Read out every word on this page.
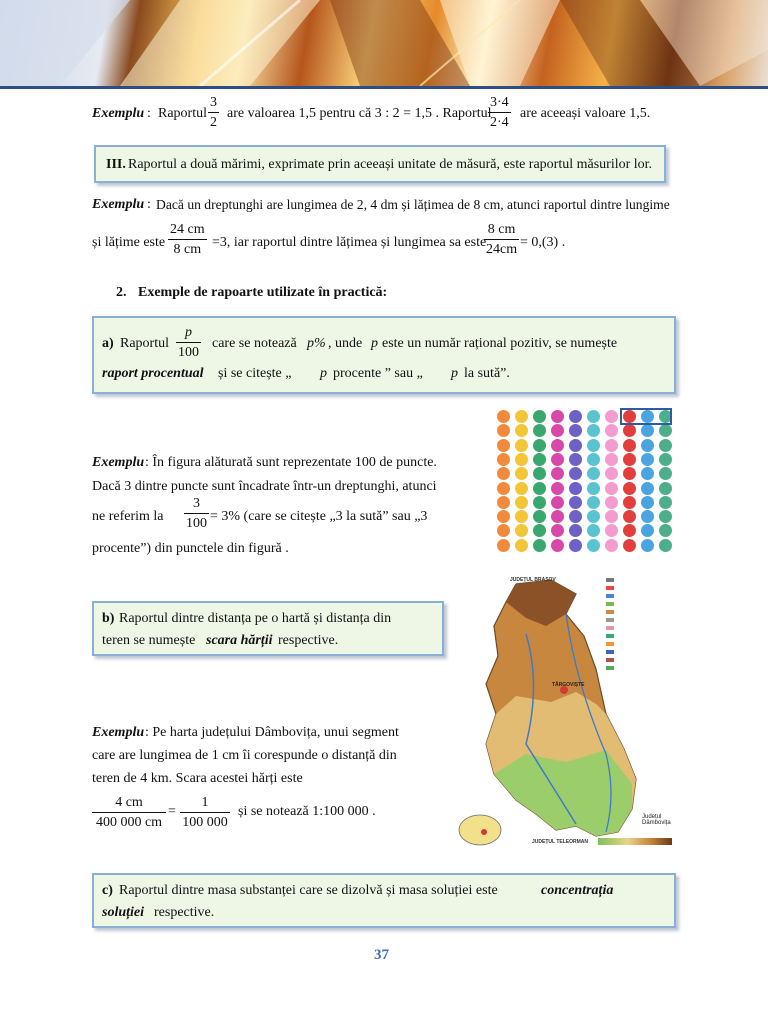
Exemplu : Raportul $\frac{3}{2}$ are valoarea 1,5 pentru că 3 : 2 = 1,5 . Raportul
$\frac{3\cdot 4}{2\cdot 4}$ are aceeași valoare 1,5.
III. Raportul a două mărimi, exprimate prin aceeași unitate de măsură, este raportul măsurilor lor.
Exemplu : Dacă un dreptunghi are lungimea de 2, 4 dm și lățimea de 8 cm, atunci raportul dintre lungime
și lățime este $\frac{24 cm}{8 cm} =3$, iar raportul dintre lățimea și lungimea sa este
$\frac{8 cm}{24cm} = 0,(3)$ .
2. Exemple de rapoarte utilizate în practică:
a) Raportul $\frac{p}{100}$ care se notează p% , unde p este un număr rațional pozitiv, se numește
raport procentual și se citește „ p procente ” sau „ p la sută”.
Exemplu : În figura alăturată sunt reprezentate 100 de puncte.
Dacă 3 dintre puncte sunt încadrate într-un dreptunghi, atunci
ne referim la $\frac{3}{100} = 3\%$ (care se citește „3 la sută” sau „3
procente”) din punctele din figură .
b) Raportul dintre distanța pe o hartă și distanța din
teren se numește scara hărții respective.
JUDEȚUL BRAȘOV
TÂRGOVIȘTE
Județul Dâmbovița
JUDEȚUL TELEORMAN
Exemplu : Pe harta județului Dâmbovița, unui segment
care are lungimea de 1 cm îi corespunde o distanță din
teren de 4 km. Scara acestei hărți este
$\frac{4 cm}{400 000 cm} = \frac{1}{100 000}$ și se notează 1:100 000 .
c) Raportul dintre masa substanței care se dizolvă și masa soluției este	concentrația
soluției respective.
37
